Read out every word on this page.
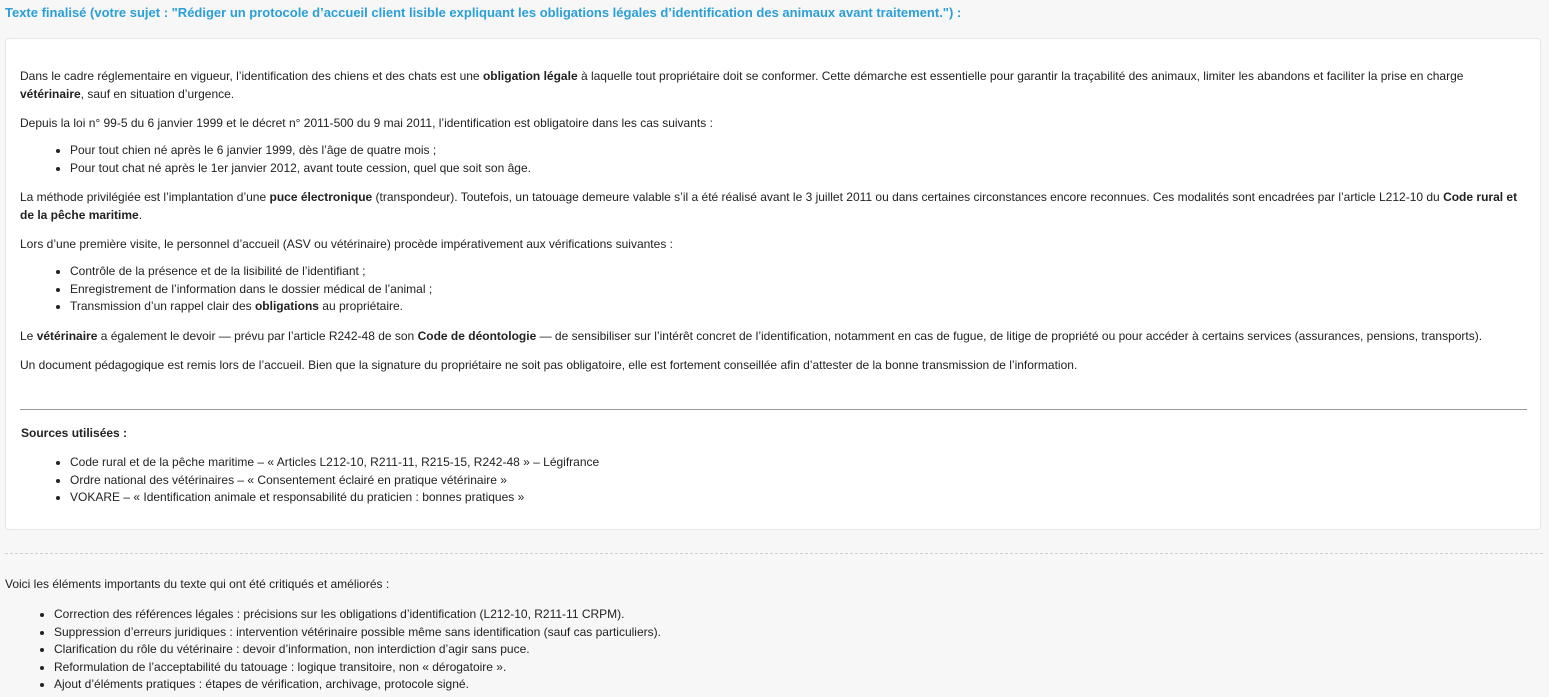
Texte finalisé (votre sujet : "Rédiger un protocole d’accueil client lisible expliquant les obligations légales d’identification des animaux avant traitement.") :

Dans le cadre réglementaire en vigueur, l’identification des chiens et des chats est une obligation légale à laquelle tout propriétaire doit se conformer. Cette démarche est essentielle pour garantir la traçabilité des animaux, limiter les abandons et faciliter la prise en charge vétérinaire, sauf en situation d’urgence.

Depuis la loi n° 99-5 du 6 janvier 1999 et le décret n° 2011-500 du 9 mai 2011, l’identification est obligatoire dans les cas suivants :

• Pour tout chien né après le 6 janvier 1999, dès l’âge de quatre mois ;
• Pour tout chat né après le 1er janvier 2012, avant toute cession, quel que soit son âge.

La méthode privilégiée est l’implantation d’une puce électronique (transpondeur). Toutefois, un tatouage demeure valable s’il a été réalisé avant le 3 juillet 2011 ou dans certaines circonstances encore reconnues. Ces modalités sont encadrées par l’article L212-10 du Code rural et de la pêche maritime.

Lors d’une première visite, le personnel d’accueil (ASV ou vétérinaire) procède impérativement aux vérifications suivantes :

• Contrôle de la présence et de la lisibilité de l’identifiant ;
• Enregistrement de l’information dans le dossier médical de l’animal ;
• Transmission d’un rappel clair des obligations au propriétaire.

Le vétérinaire a également le devoir — prévu par l’article R242-48 de son Code de déontologie — de sensibiliser sur l’intérêt concret de l’identification, notamment en cas de fugue, de litige de propriété ou pour accéder à certains services (assurances, pensions, transports).

Un document pédagogique est remis lors de l’accueil. Bien que la signature du propriétaire ne soit pas obligatoire, elle est fortement conseillée afin d’attester de la bonne transmission de l’information.

Sources utilisées :
• Code rural et de la pêche maritime – « Articles L212-10, R211-11, R215-15, R242-48 » – Légifrance
• Ordre national des vétérinaires – « Consentement éclairé en pratique vétérinaire »
• VOKARE – « Identification animale et responsabilité du praticien : bonnes pratiques »
Voici les éléments importants du texte qui ont été critiqués et améliorés :
• Correction des références légales : précisions sur les obligations d’identification (L212-10, R211-11 CRPM).
• Suppression d’erreurs juridiques : intervention vétérinaire possible même sans identification (sauf cas particuliers).
• Clarification du rôle du vétérinaire : devoir d’information, non interdiction d’agir sans puce.
• Reformulation de l’acceptabilité du tatouage : logique transitoire, non « dérogatoire ».
• Ajout d’éléments pratiques : étapes de vérification, archivage, protocole signé.
